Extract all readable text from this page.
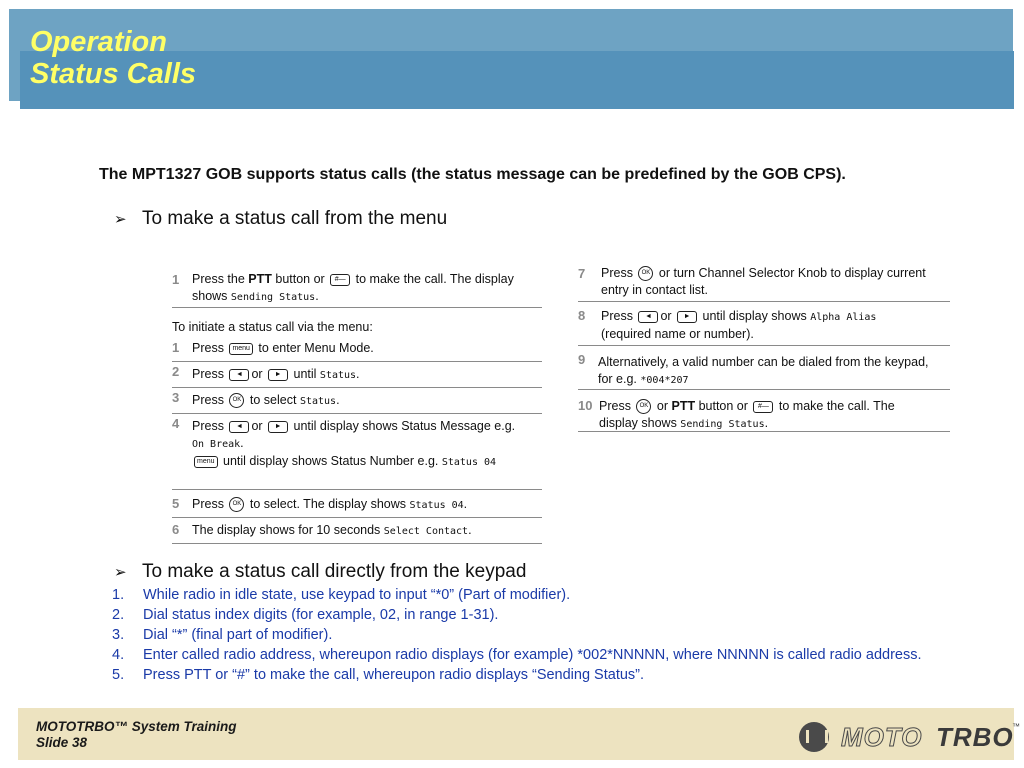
Operation
Status Calls
The MPT1327 GOB supports status calls (the status message can be predefined by the GOB CPS).
➢ To make a status call from the menu
1 Press the PTT button or #— to make the call. The display
shows Sending Status.
To initiate a status call via the menu:
1 Press menu to enter Menu Mode.
2 Press ◄ or ► until Status.
3 Press OK to select Status.
4 Press ◄ or ► until display shows Status Message e.g.
On Break.
menu until display shows Status Number e.g. Status 04
5 Press OK to select. The display shows Status 04.
6 The display shows for 10 seconds Select Contact.
7 Press OK or turn Channel Selector Knob to display current
entry in contact list.
8 Press ◄ or ► until display shows Alpha Alias
(required name or number).
9 Alternatively, a valid number can be dialed from the keypad,
for e.g. *004*207
10 Press OK or PTT button or #— to make the call. The
display shows Sending Status.
➢ To make a status call directly from the keypad
1. While radio in idle state, use keypad to input “*0” (Part of modifier).
2. Dial status index digits (for example, 02, in range 1-31).
3. Dial “*” (final part of modifier).
4. Enter called radio address, whereupon radio displays (for example) *002*NNNNN, where NNNNN is called radio address.
5. Press PTT or “#” to make the call, whereupon radio displays “Sending Status”.
MOTOTRBO™ System Training
Slide 38	MOTO TRBO
™
